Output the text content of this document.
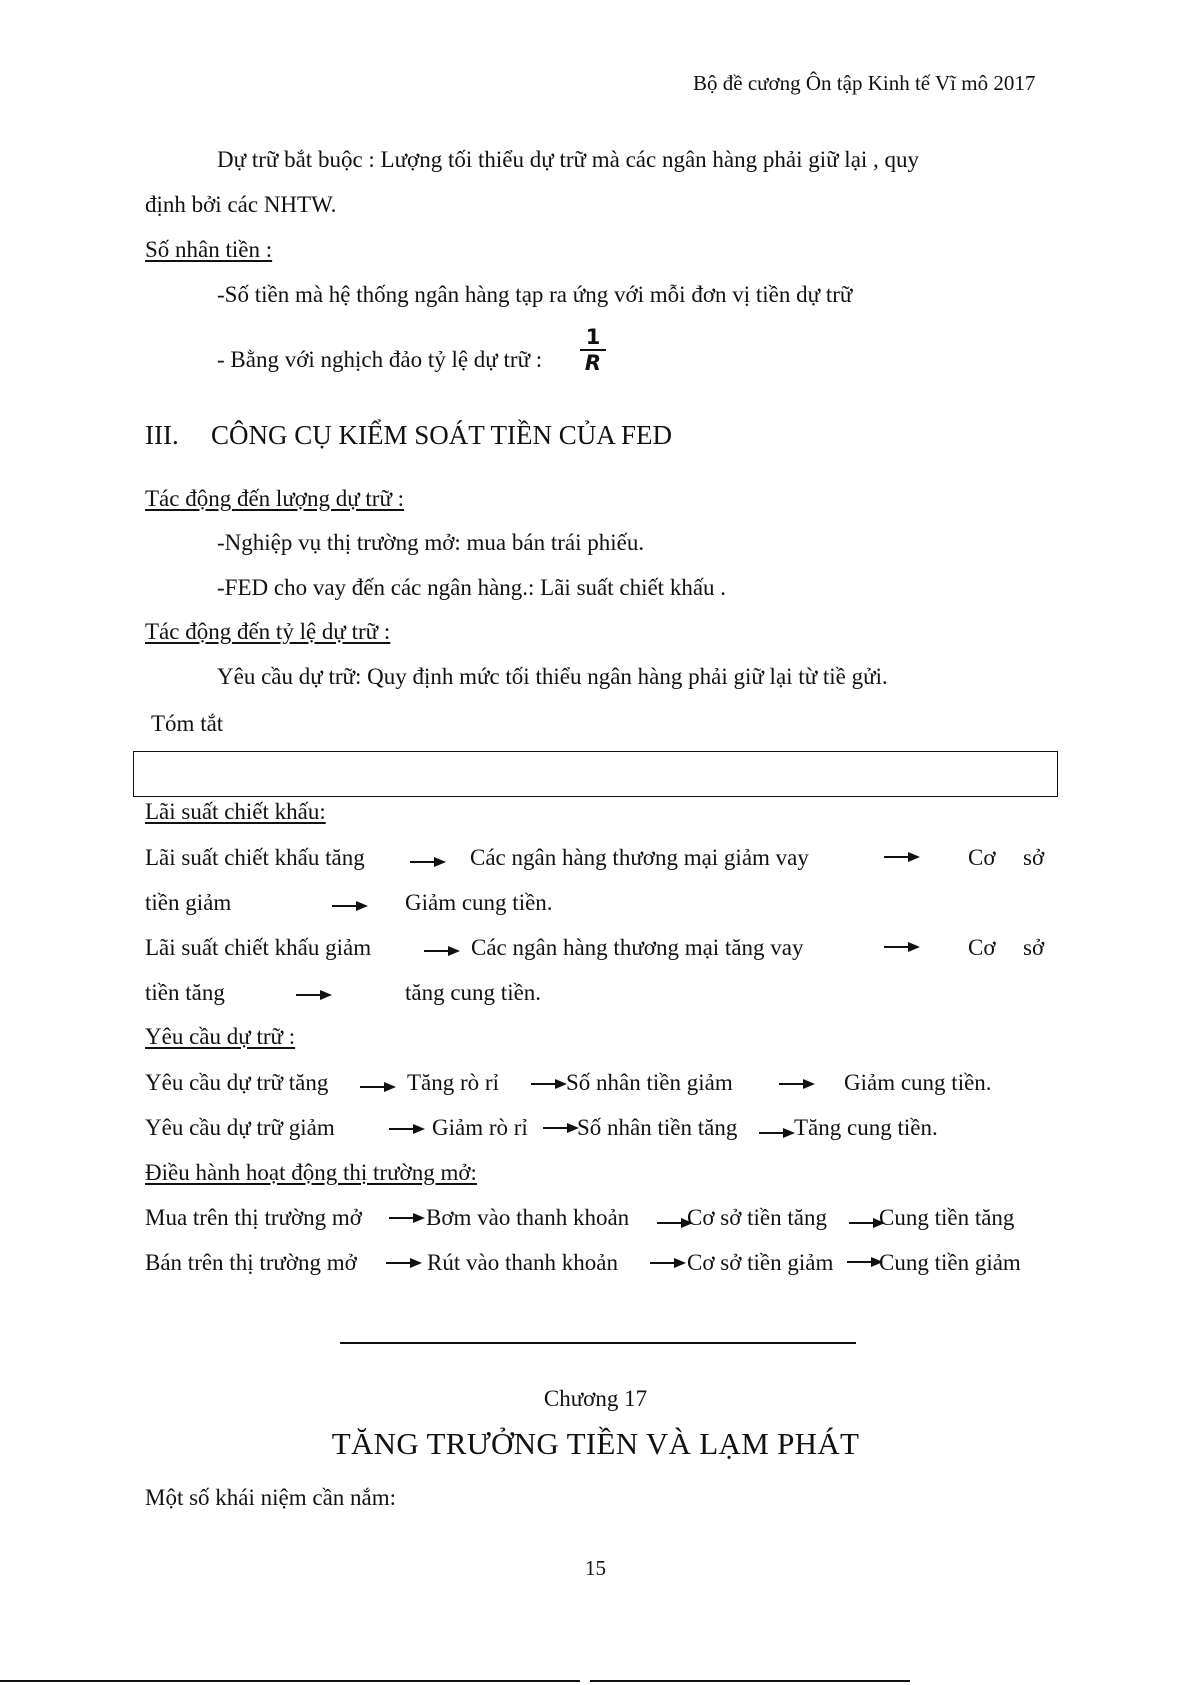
Bộ đề cương Ôn tập Kinh tế Vĩ mô 2017
Dự trữ bắt buộc : Lượng tối thiểu dự trữ mà các ngân hàng phải giữ lại , quy
định bởi các NHTW.
Số nhân tiền :
-Số tiền mà hệ thống ngân hàng tạp ra ứng với mỗi đơn vị tiền dự trữ
- Bằng với nghịch đảo tỷ lệ dự trữ :
1
R
III. CÔNG CỤ KIỂM SOÁT TIỀN CỦA FED
Tác động đến lượng dự trữ :
-Nghiệp vụ thị trường mở: mua bán trái phiếu.
-FED cho vay đến các ngân hàng.: Lãi suất chiết khấu .
Tác động đến tỷ lệ dự trữ :
Yêu cầu dự trữ: Quy định mức tối thiểu ngân hàng phải giữ lại từ tiề gửi.
Tóm tắt
Lãi suất chiết khấu:
Lãi suất chiết khấu tăng	Các ngân hàng thương mại giảm vay	Cơ sở
tiền giảm	Giảm cung tiền.
Lãi suất chiết khấu giảm	Các ngân hàng thương mại tăng vay	Cơ sở
tiền tăng	tăng cung tiền.
Yêu cầu dự trữ :
Yêu cầu dự trữ tăng	Tăng rò rỉ	Số nhân tiền giảm	Giảm cung tiền.
Yêu cầu dự trữ giảm	Giảm rò rỉ Số nhân tiền tăng Tăng cung tiền.
Điều hành hoạt động thị trường mở:
Mua trên thị trường mở	Bơm vào thanh khoản	Cơ sở tiền tăng Cung tiền tăng
Bán trên thị trường mở	Rút vào thanh khoản	Cơ sở tiền giảm Cung tiền giảm
Chương 17
TĂNG TRƯỞNG TIỀN VÀ LẠM PHÁT
Một số khái niệm cần nắm:
15
